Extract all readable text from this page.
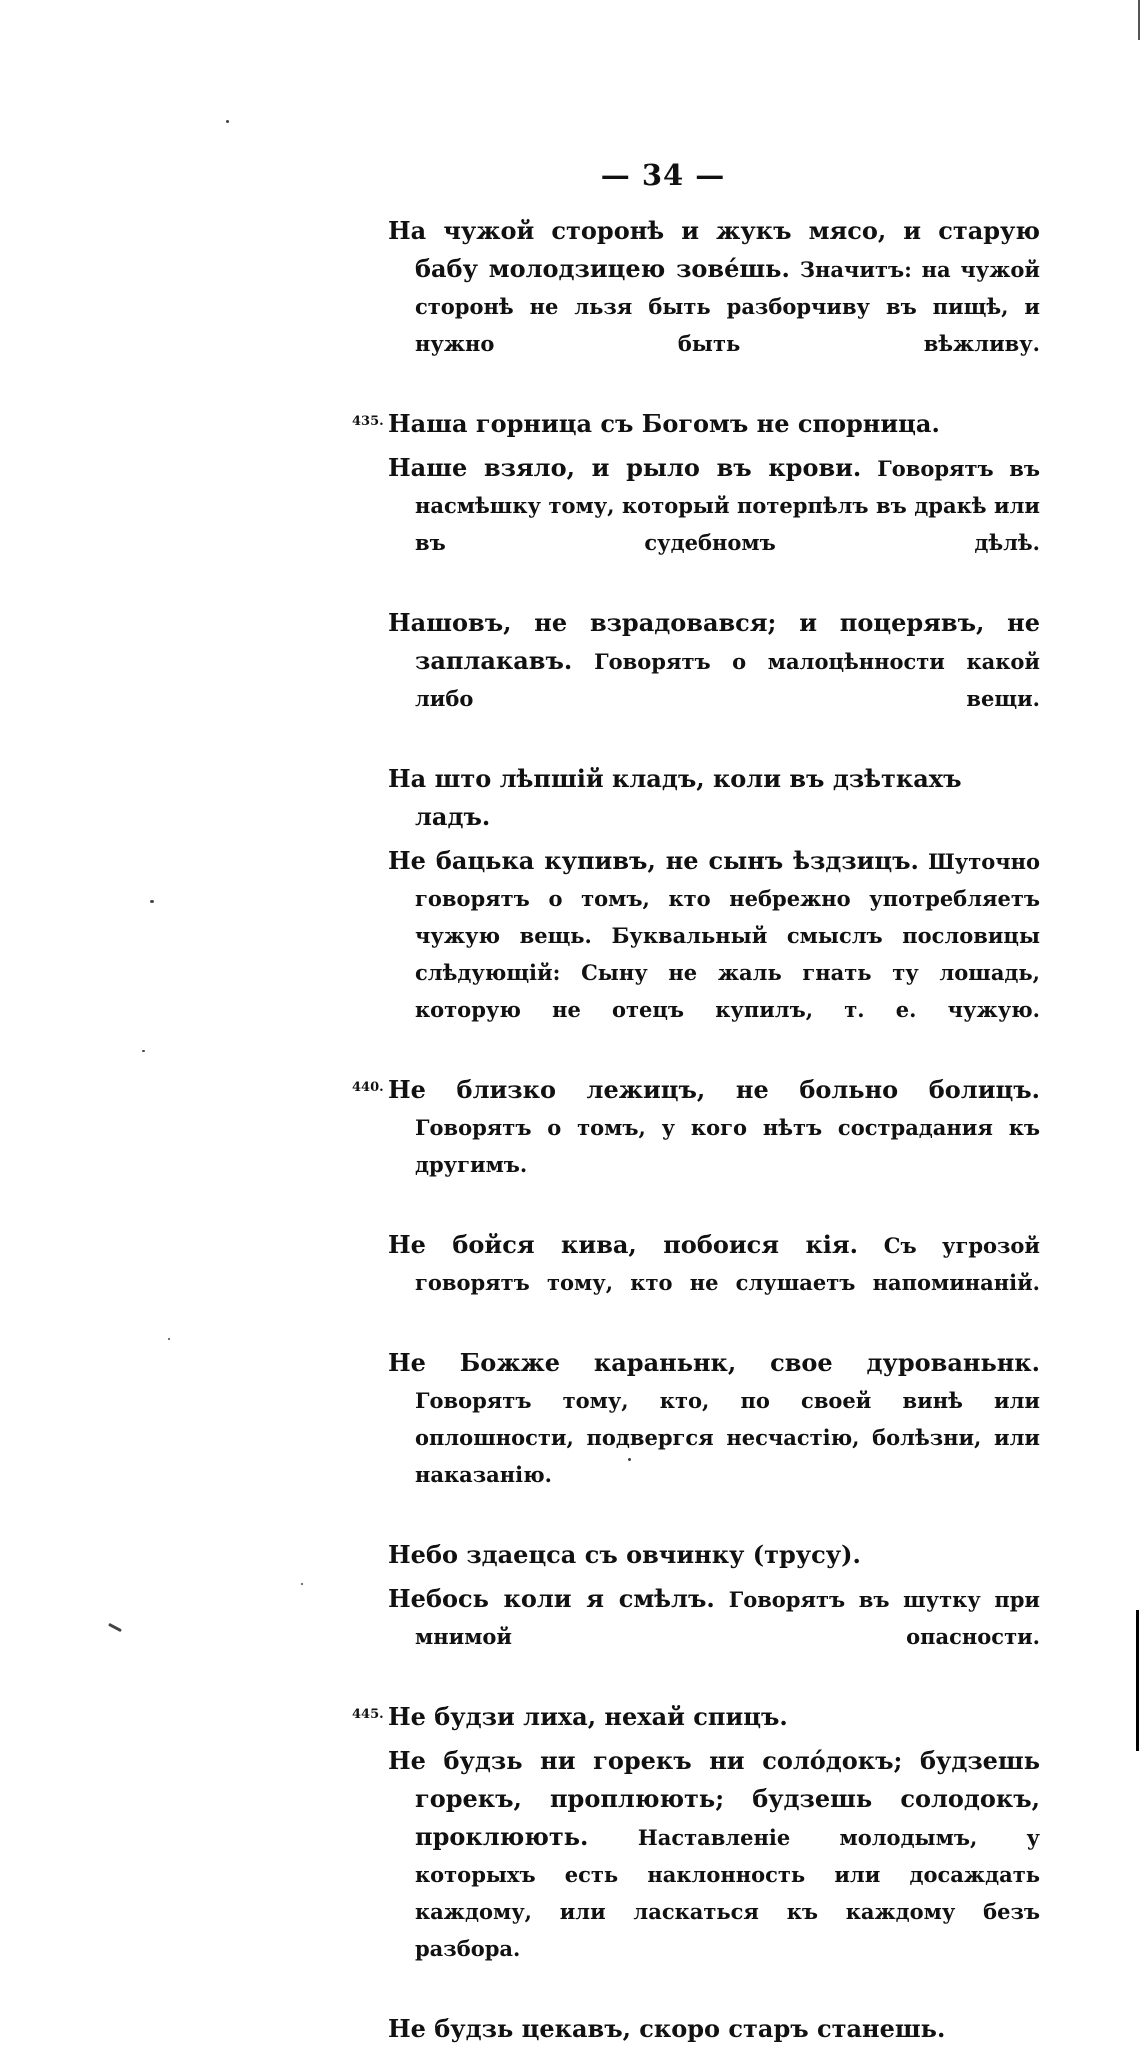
— 34 —
На чужой сторонѣ и жукъ мясо, и старую бабу молодзицею зовéшь. Значитъ: на чужой сторонѣ не льзя быть разборчиву въ пищѣ, и нужно быть вѣжливу.
435. Наша горница съ Богомъ не спорница.
Наше взяло, и рыло въ крови. Говорятъ въ насмѣшку тому, который потерпѣлъ въ дракѣ или въ судебномъ дѣлѣ.
Нашовъ, не взрадовався; и поцерявъ, не заплакавъ. Говорятъ о малоцѣнности какой либо вещи.
На што лѣпшій кладъ, коли въ дзѣткахъ ладъ.
Не бацька купивъ, не сынъ ѣздзицъ. Шуточно говорятъ о томъ, кто небрежно употребляетъ чужую вещь. Буквальный смыслъ пословицы слѣдующій: Сыну не жаль гнать ту лошадь, которую не отецъ купилъ, т. е. чужую.
440. Не близко лежицъ, не больно болицъ. Говорятъ о томъ, у кого нѣтъ сострадания къ другимъ.
Не бойся кива, побоися кія. Съ угрозой говорятъ тому, кто не слушаетъ напоминаній.
Не Божже караньнк, свое дурованьнк. Говорятъ тому, кто, по своей винѣ или оплошности, подвергся несчастію, болѣзни, или наказанію.
Небо здаецса съ овчинку (трусу).
Небось коли я смѣлъ. Говорятъ въ шутку при мнимой опасности.
445. Не будзи лиха, нехай спицъ.
Не будзь ни горекъ ни солóдокъ; будзешь горекъ, проплюють; будзешь солодокъ, проклюють. Наставленіе молодымъ, у которыхъ есть наклонность или досаждать каждому, или ласкаться къ каждому безъ разбора.
Не будзь цекавъ, скоро старъ станешь.
